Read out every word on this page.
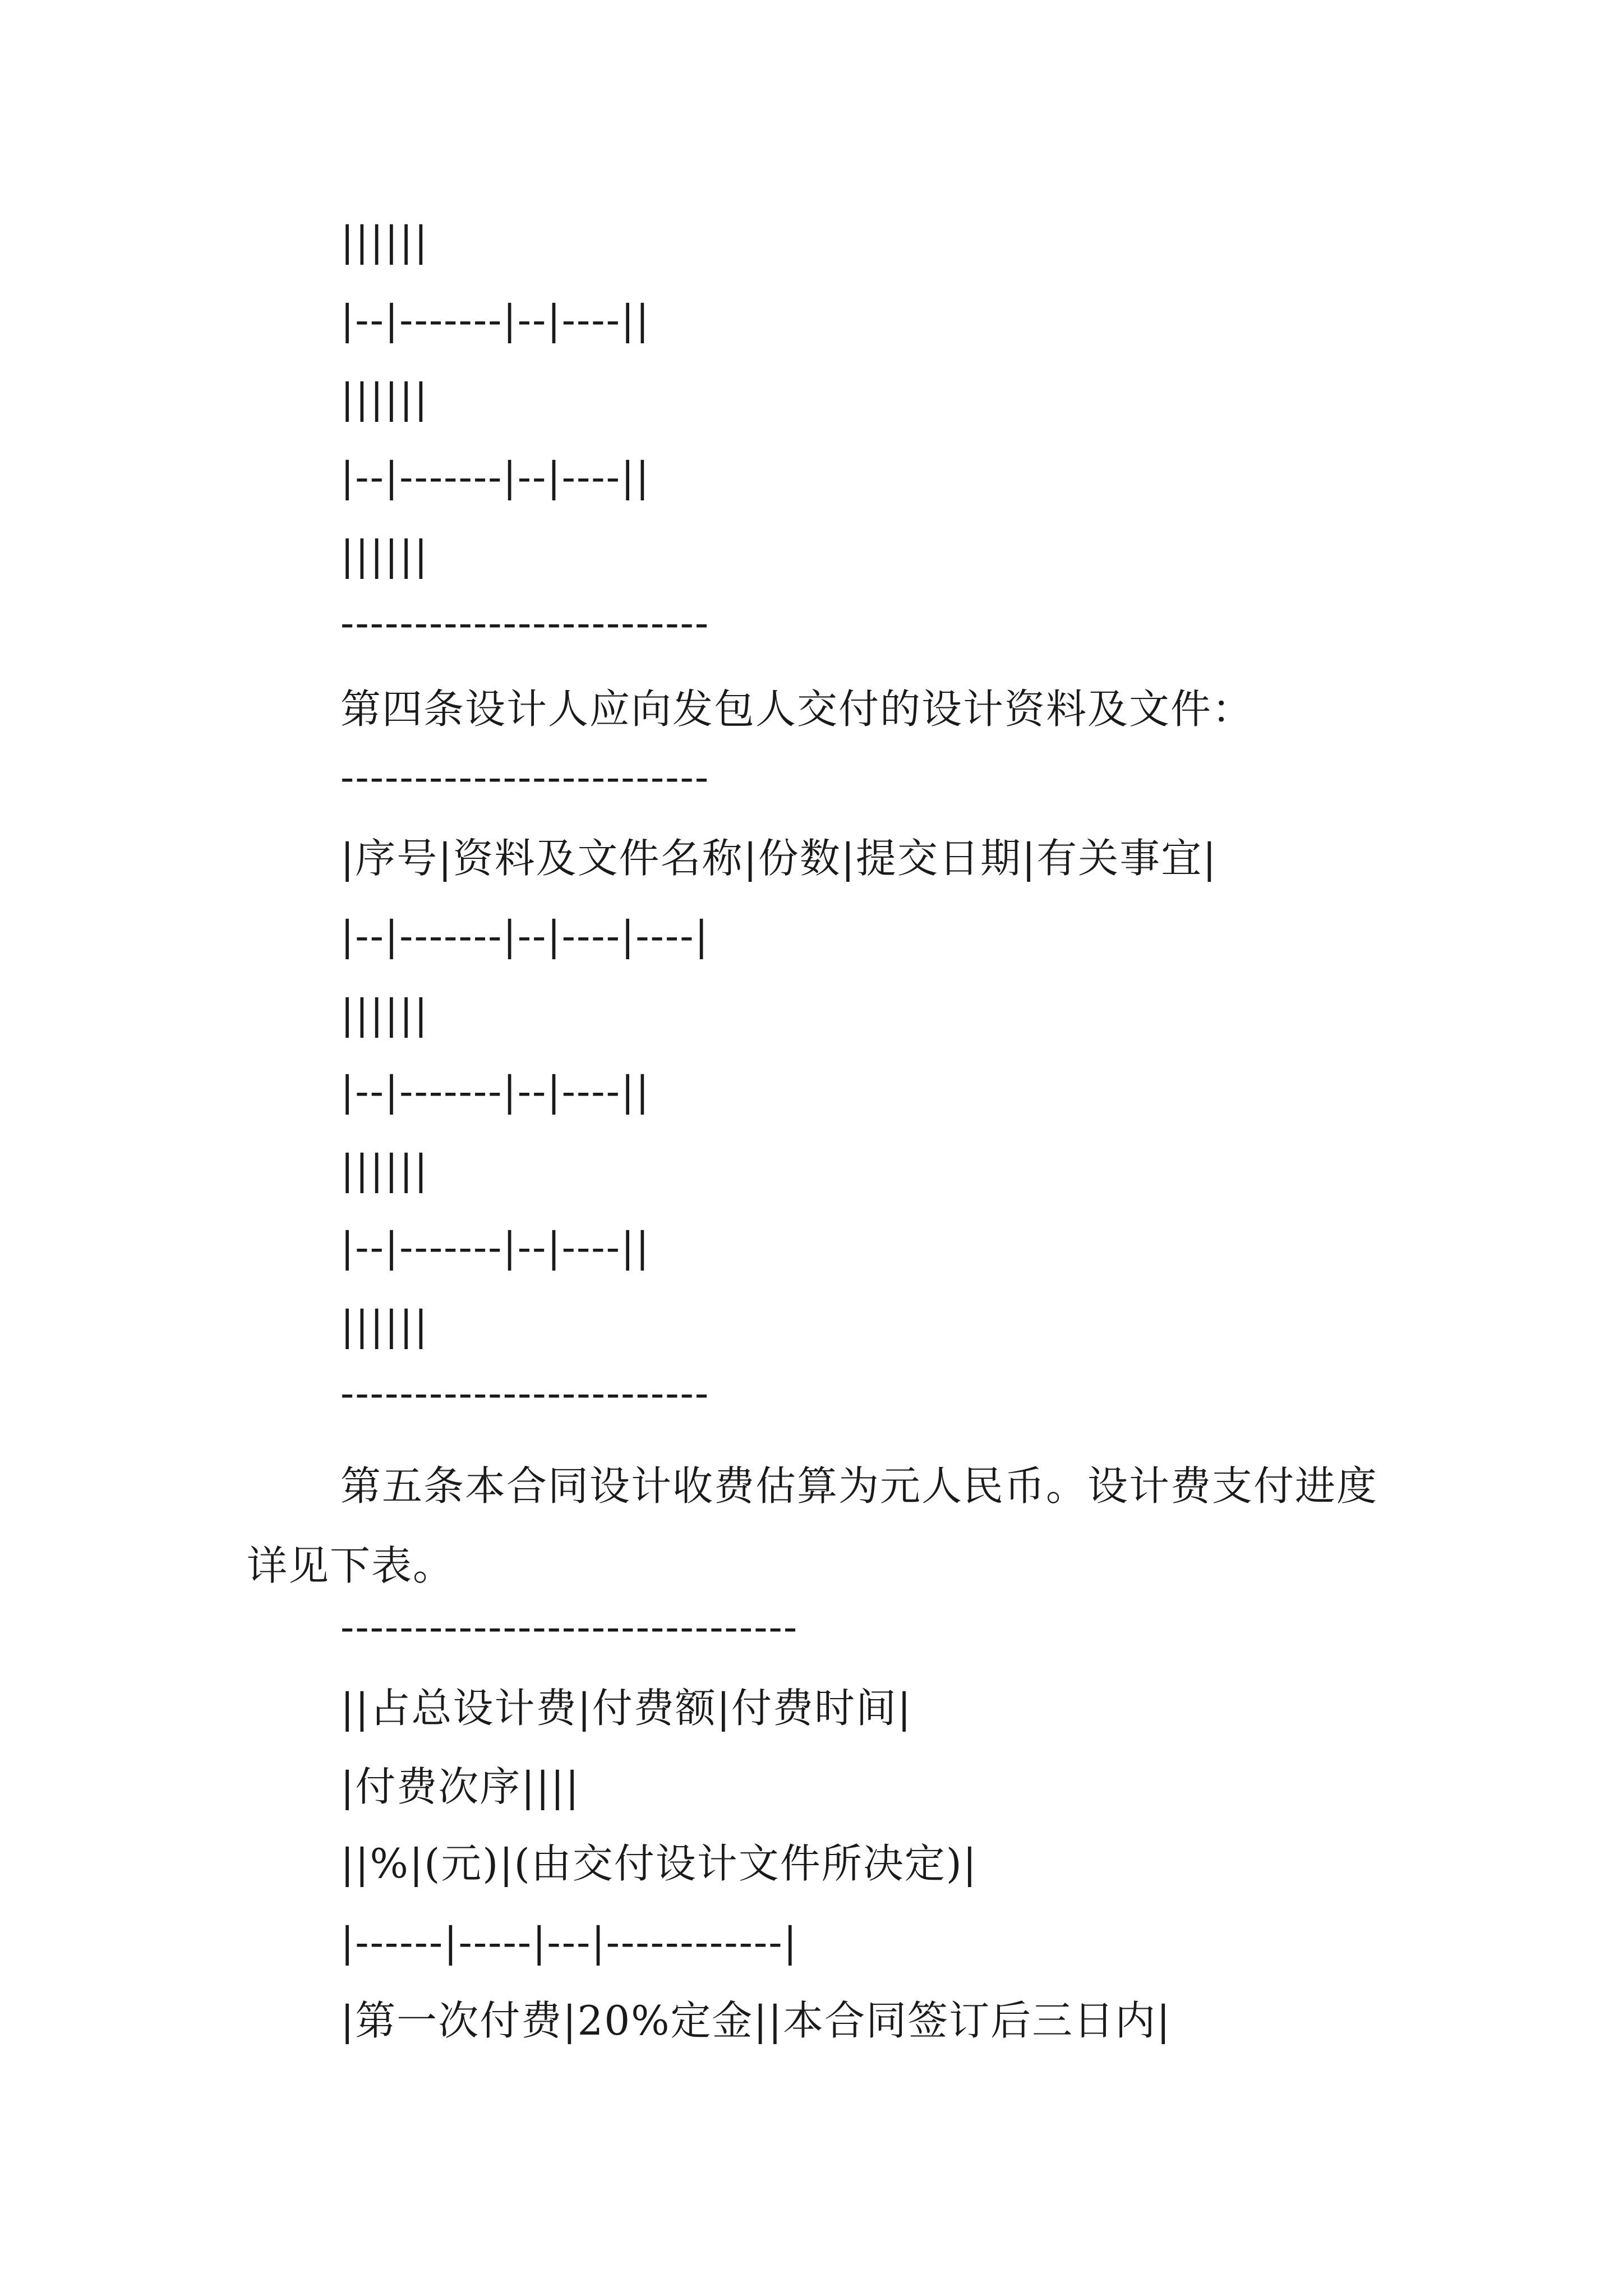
||||||
|--|-------|--|----||
||||||
|--|-------|--|----||
||||||
-------------------------
第四条设计人应向发包人交付的设计资料及文件：
-------------------------
|序号|资料及文件名称|份数|提交日期|有关事宜|
|--|-------|--|----|----|
||||||
|--|-------|--|----||
||||||
|--|-------|--|----||
||||||
-------------------------
第五条本合同设计收费估算为元人民币。设计费支付进度详见下表。
-------------------------------
||占总设计费|付费额|付费时间|
|付费次序||||
||%|(元)|(由交付设计文件所决定)|
|------|-----|---|------------|
|第一次付费|20%定金||本合同签订后三日内|
